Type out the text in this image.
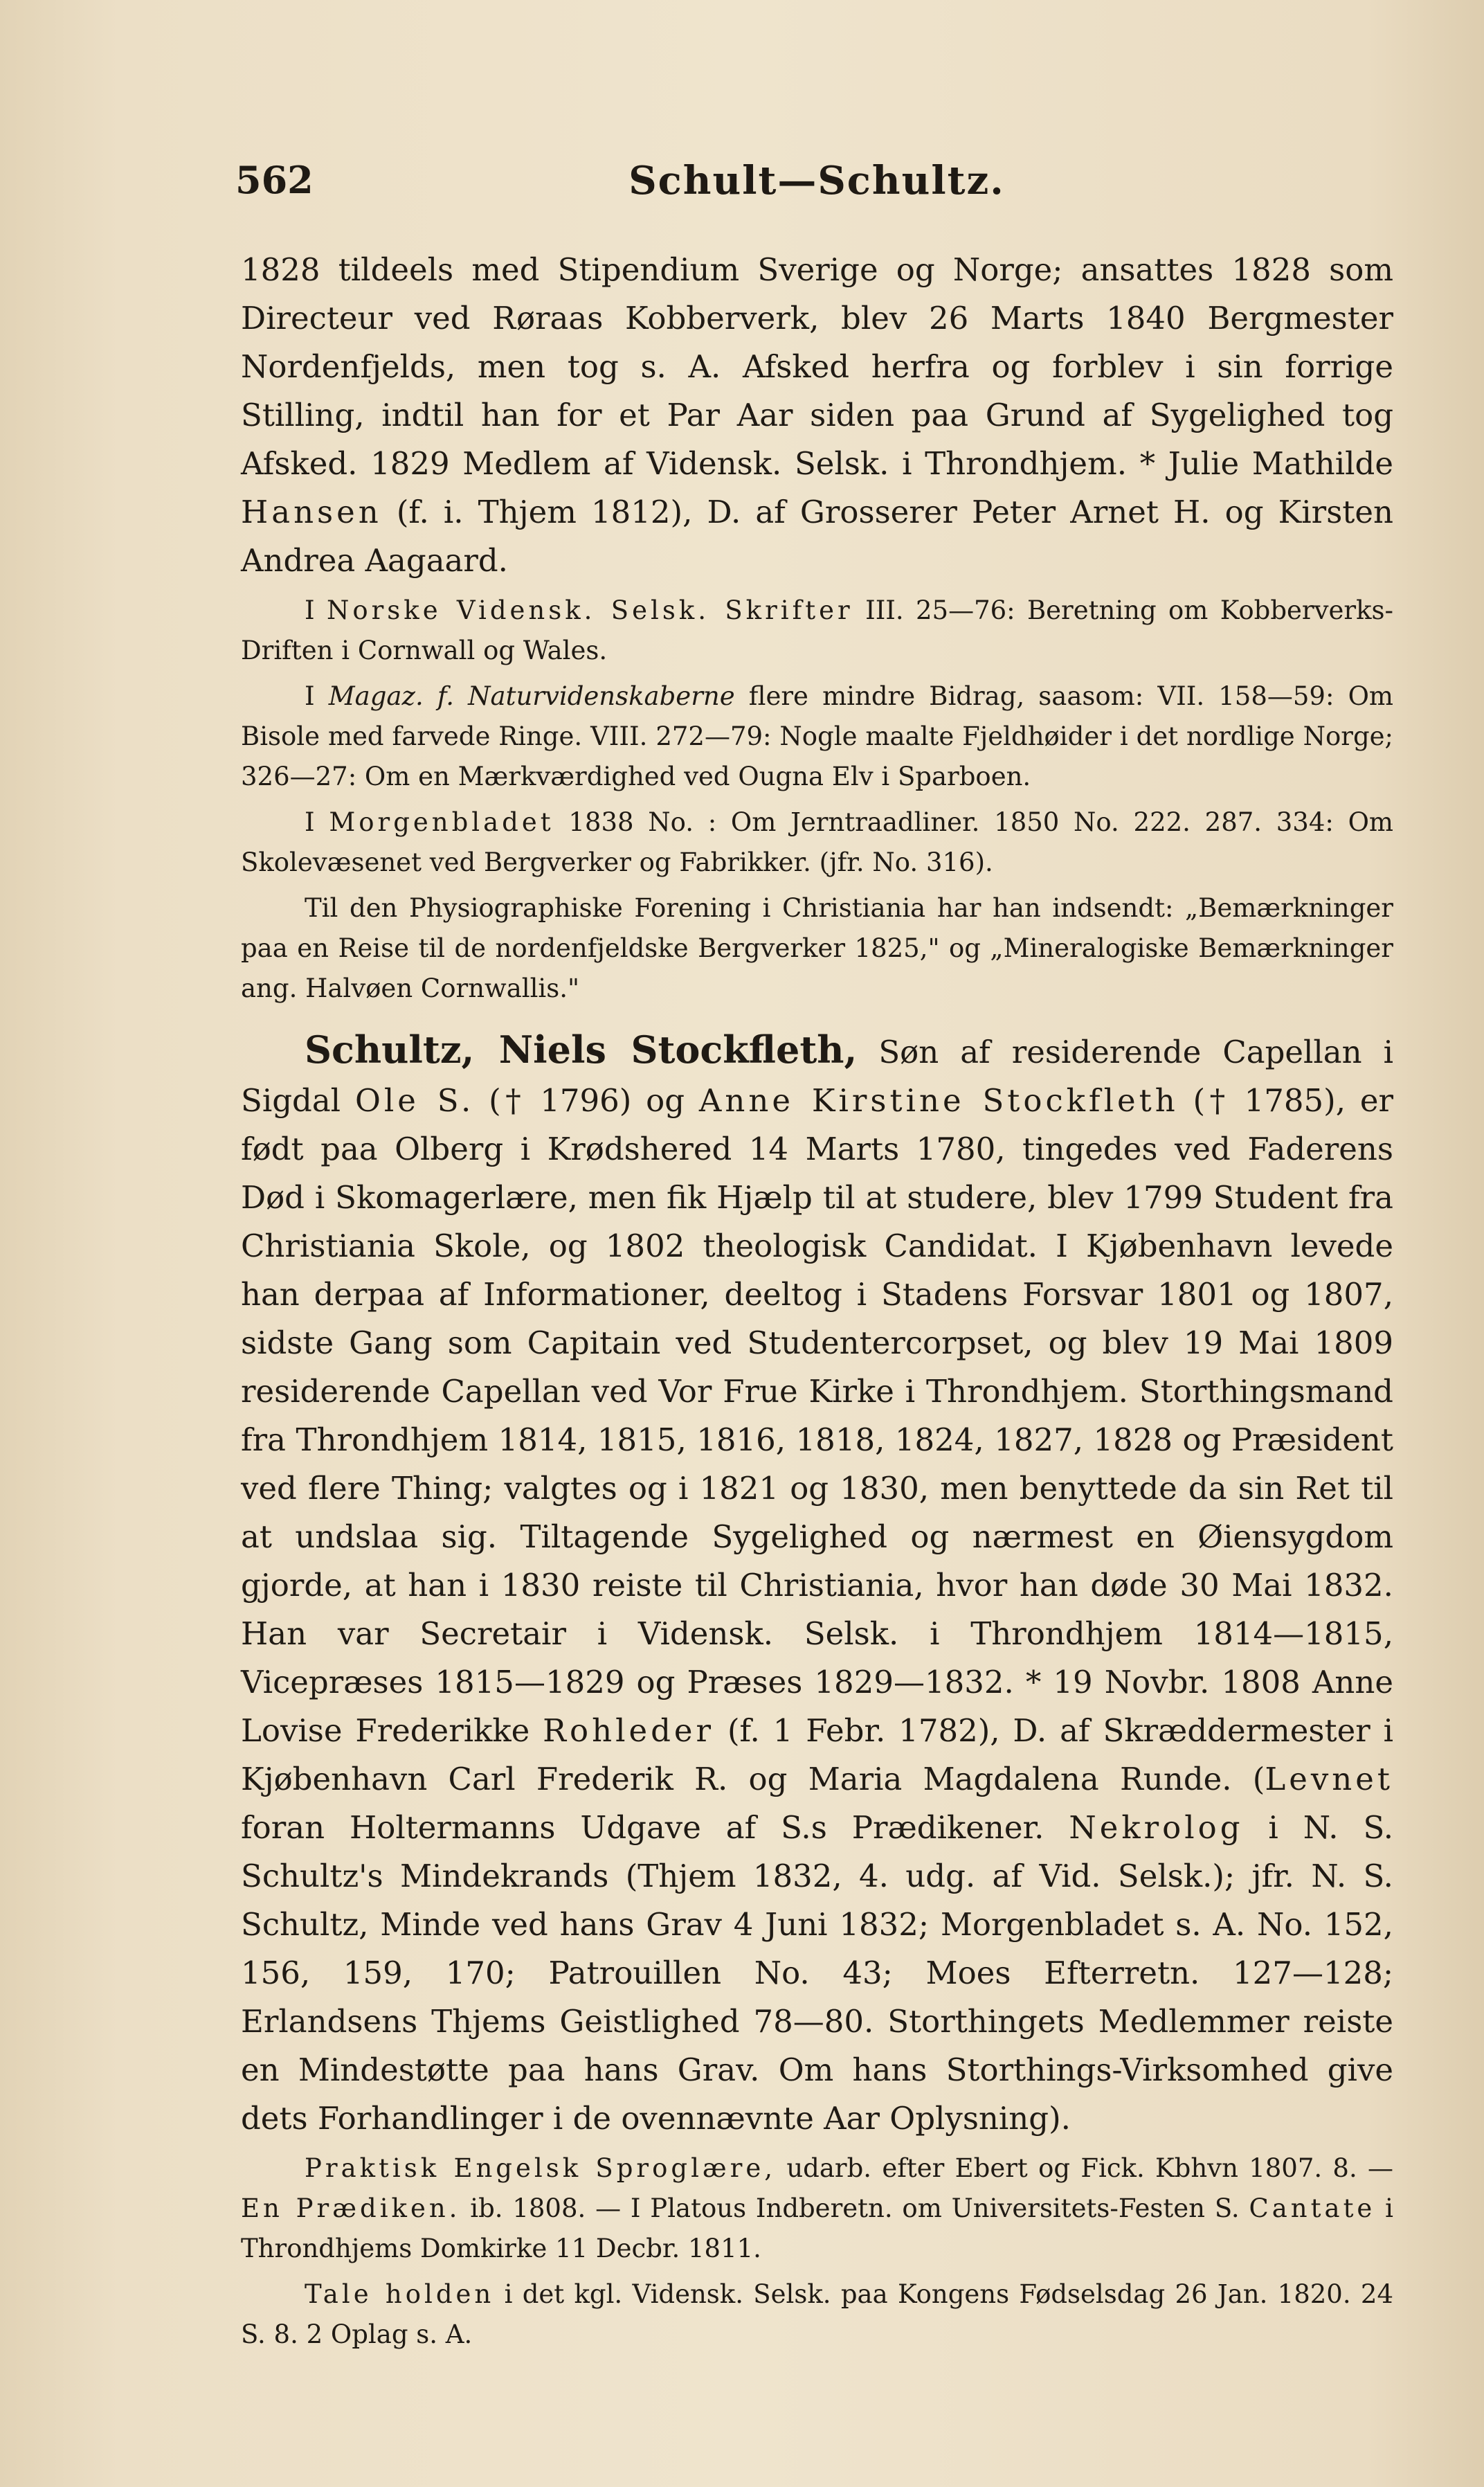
562	Schult—Schultz.

1828 tildeels med Stipendium Sverige og Norge; ansattes 1828 som Directeur ved Røraas Kobberverk, blev 26 Marts 1840 Bergmester Nordenfjelds, men tog s. A. Afsked herfra og forblev i sin forrige Stilling, indtil han for et Par Aar siden paa Grund af Sygelighed tog Afsked. 1829 Medlem af Vidensk. Selsk. i Throndhjem. * Julie Mathilde Hansen (f. i. Thjem 1812), D. af Grosserer Peter Arnet H. og Kirsten Andrea Aagaard.

I Norske Vidensk. Selsk. Skrifter III. 25—76: Beretning om Kobberverks-Driften i Cornwall og Wales.

I Magaz. f. Naturvidenskaberne flere mindre Bidrag, saasom: VII. 158—59: Om Bisole med farvede Ringe. VIII. 272—79: Nogle maalte Fjeldhøider i det nordlige Norge; 326—27: Om en Mærkværdighed ved Ougna Elv i Sparboen.

I Morgenbladet 1838 No. : Om Jerntraadliner. 1850 No. 222. 287. 334: Om Skolevæsenet ved Bergverker og Fabrikker. (jfr. No. 316).

Til den Physiographiske Forening i Christiania har han indsendt: „Bemærkninger paa en Reise til de nordenfjeldske Bergverker 1825," og „Mineralogiske Bemærkninger ang. Halvøen Cornwallis."

Schultz, Niels Stockfleth, Søn af residerende Capellan i Sigdal Ole S. († 1796) og Anne Kirstine Stockfleth († 1785), er født paa Olberg i Krødshered 14 Marts 1780, tingedes ved Faderens Død i Skomagerlære, men fik Hjælp til at studere, blev 1799 Student fra Christiania Skole, og 1802 theologisk Candidat. I Kjøbenhavn levede han derpaa af Informationer, deeltog i Stadens Forsvar 1801 og 1807, sidste Gang som Capitain ved Studentercorpset, og blev 19 Mai 1809 residerende Capellan ved Vor Frue Kirke i Throndhjem. Storthingsmand fra Throndhjem 1814, 1815, 1816, 1818, 1824, 1827, 1828 og Præsident ved flere Thing; valgtes og i 1821 og 1830, men benyttede da sin Ret til at undslaa sig. Tiltagende Sygelighed og nærmest en Øiensygdom gjorde, at han i 1830 reiste til Christiania, hvor han døde 30 Mai 1832. Han var Secretair i Vidensk. Selsk. i Throndhjem 1814—1815, Vicepræses 1815—1829 og Præses 1829—1832. * 19 Novbr. 1808 Anne Lovise Frederikke Rohleder (f. 1 Febr. 1782), D. af Skræddermester i Kjøbenhavn Carl Frederik R. og Maria Magdalena Runde. (Levnet foran Holtermanns Udgave af S.s Prædikener. Nekrolog i N. S. Schultz's Mindekrands (Thjem 1832, 4. udg. af Vid. Selsk.); jfr. N. S. Schultz, Minde ved hans Grav 4 Juni 1832; Morgenbladet s. A. No. 152, 156, 159, 170; Patrouillen No. 43; Moes Efterretn. 127—128; Erlandsens Thjems Geistlighed 78—80. Storthingets Medlemmer reiste en Mindestøtte paa hans Grav. Om hans Storthings-Virksomhed give dets Forhandlinger i de ovennævnte Aar Oplysning).

Praktisk Engelsk Sproglære, udarb. efter Ebert og Fick. Kbhvn 1807. 8. — En Prædiken. ib. 1808. — I Platous Indberetn. om Universitets-Festen S. Cantate i Throndhjems Domkirke 11 Decbr. 1811.

Tale holden i det kgl. Vidensk. Selsk. paa Kongens Fødselsdag 26 Jan. 1820. 24 S. 8. 2 Oplag s. A.
